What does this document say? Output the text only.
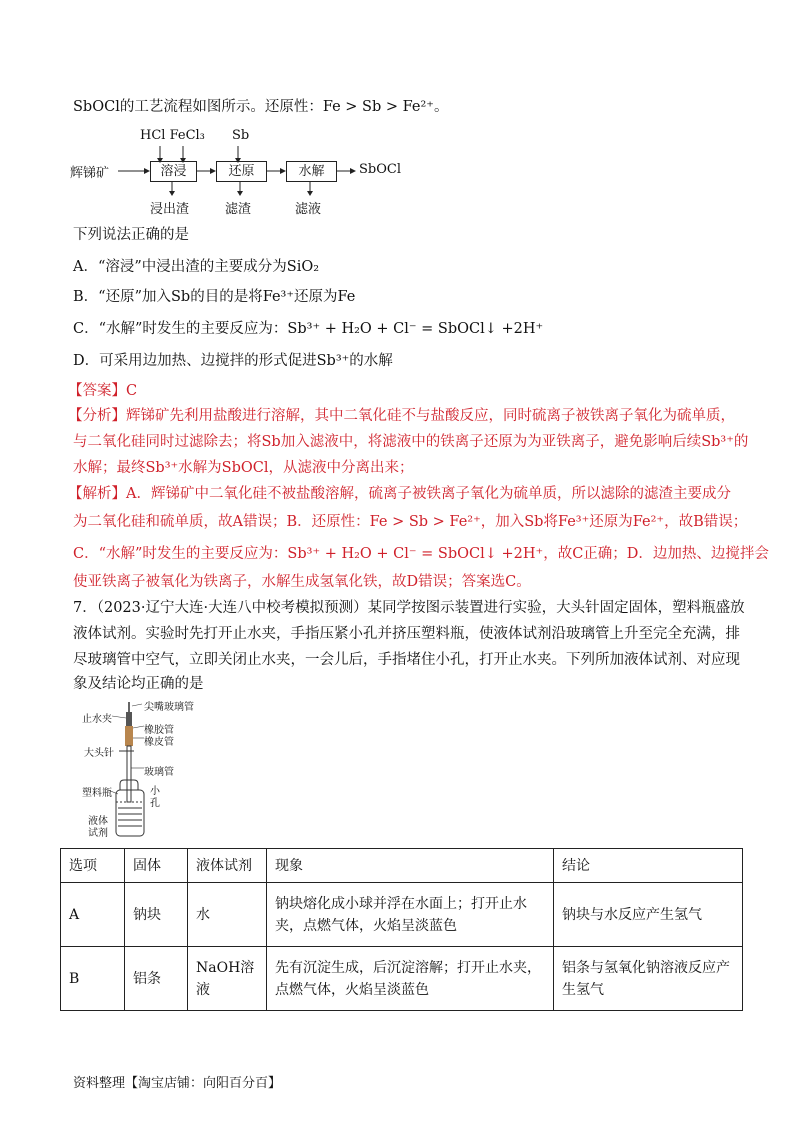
SbOCl的工艺流程如图所示。还原性：Fe > Sb > Fe²⁺。
辉锑矿
HCl FeCl₃ Sb
溶浸	还原	水解	SbOCl
浸出渣	滤渣	滤液
下列说法正确的是
A．“溶浸”中浸出渣的主要成分为SiO₂
B．“还原”加入Sb的目的是将Fe³⁺还原为Fe
C．“水解”时发生的主要反应为：Sb³⁺ + H₂O + Cl⁻ = SbOCl↓ +2H⁺
D．可采用边加热、边搅拌的形式促进Sb³⁺的水解
【答案】C
【分析】辉锑矿先利用盐酸进行溶解，其中二氧化硅不与盐酸反应，同时硫离子被铁离子氧化为硫单质，
与二氧化硅同时过滤除去；将Sb加入滤液中，将滤液中的铁离子还原为为亚铁离子，避免影响后续Sb³⁺的
水解；最终Sb³⁺水解为SbOCl，从滤液中分离出来；
【解析】A．辉锑矿中二氧化硅不被盐酸溶解，硫离子被铁离子氧化为硫单质，所以滤除的滤渣主要成分
为二氧化硅和硫单质，故A错误；B．还原性：Fe > Sb > Fe²⁺，加入Sb将Fe³⁺还原为Fe²⁺，故B错误；
C．“水解”时发生的主要反应为：Sb³⁺ + H₂O + Cl⁻ = SbOCl↓ +2H⁺，故C正确；D．边加热、边搅拌会
使亚铁离子被氧化为铁离子，水解生成氢氧化铁，故D错误；答案选C。
7．（2023·辽宁大连·大连八中校考模拟预测）某同学按图示装置进行实验，大头针固定固体，塑料瓶盛放
液体试剂。实验时先打开止水夹，手指压紧小孔并挤压塑料瓶，使液体试剂沿玻璃管上升至完全充满，排
尽玻璃管中空气，立即关闭止水夹，一会儿后，手指堵住小孔，打开止水夹。下列所加液体试剂、对应现
象及结论均正确的是
尖嘴玻璃管
止水夹
橡胶管
橡皮管
大头针
玻璃管
塑料瓶	小
孔
液体
试剂
选项	固体	液体试剂	现象	结论
A	钠块	水	钠块熔化成小球并浮在水面上；打开止水夹，点燃气体，火焰呈淡蓝色	钠块与水反应产生氢气
B	铝条	NaOH溶液	先有沉淀生成，后沉淀溶解；打开止水夹，点燃气体，火焰呈淡蓝色	铝条与氢氧化钠溶液反应产生氢气
资料整理【淘宝店铺：向阳百分百】
